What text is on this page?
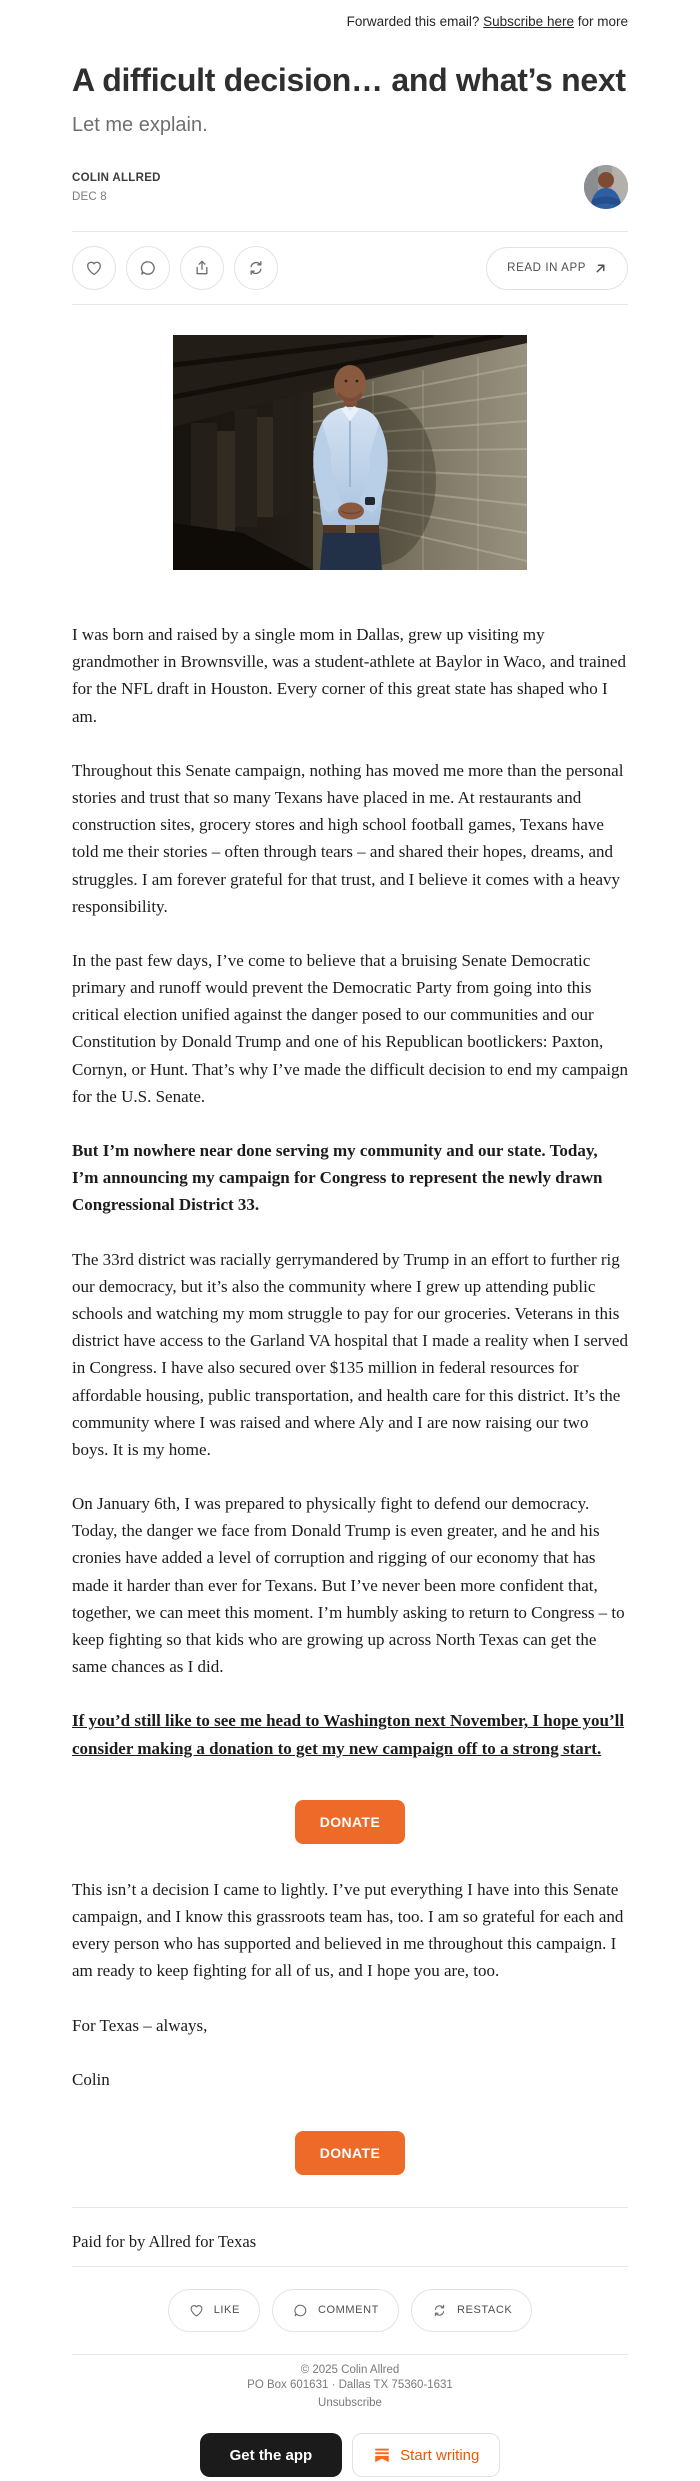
Forwarded this email? Subscribe here for more
A difficult decision… and what’s next
Let me explain.
COLIN ALLRED
DEC 8
READ IN APP

I was born and raised by a single mom in Dallas, grew up visiting my grandmother in Brownsville, was a student-athlete at Baylor in Waco, and trained for the NFL draft in Houston. Every corner of this great state has shaped who I am.

Throughout this Senate campaign, nothing has moved me more than the personal stories and trust that so many Texans have placed in me. At restaurants and construction sites, grocery stores and high school football games, Texans have told me their stories – often through tears – and shared their hopes, dreams, and struggles. I am forever grateful for that trust, and I believe it comes with a heavy responsibility.

In the past few days, I’ve come to believe that a bruising Senate Democratic primary and runoff would prevent the Democratic Party from going into this critical election unified against the danger posed to our communities and our Constitution by Donald Trump and one of his Republican bootlickers: Paxton, Cornyn, or Hunt. That’s why I’ve made the difficult decision to end my campaign for the U.S. Senate.

But I’m nowhere near done serving my community and our state. Today, I’m announcing my campaign for Congress to represent the newly drawn Congressional District 33.

The 33rd district was racially gerrymandered by Trump in an effort to further rig our democracy, but it’s also the community where I grew up attending public schools and watching my mom struggle to pay for our groceries. Veterans in this district have access to the Garland VA hospital that I made a reality when I served in Congress. I have also secured over $135 million in federal resources for affordable housing, public transportation, and health care for this district. It’s the community where I was raised and where Aly and I are now raising our two boys. It is my home.

On January 6th, I was prepared to physically fight to defend our democracy. Today, the danger we face from Donald Trump is even greater, and he and his cronies have added a level of corruption and rigging of our economy that has made it harder than ever for Texans. But I’ve never been more confident that, together, we can meet this moment. I’m humbly asking to return to Congress – to keep fighting so that kids who are growing up across North Texas can get the same chances as I did.

If you’d still like to see me head to Washington next November, I hope you’ll consider making a donation to get my new campaign off to a strong start.

DONATE

This isn’t a decision I came to lightly. I’ve put everything I have into this Senate campaign, and I know this grassroots team has, too. I am so grateful for each and every person who has supported and believed in me throughout this campaign. I am ready to keep fighting for all of us, and I hope you are, too.

For Texas – always,

Colin

DONATE
Paid for by Allred for Texas
LIKE	COMMENT	RESTACK
© 2025 Colin Allred
PO Box 601631 · Dallas TX 75360-1631
Unsubscribe
Get the app	Start writing
